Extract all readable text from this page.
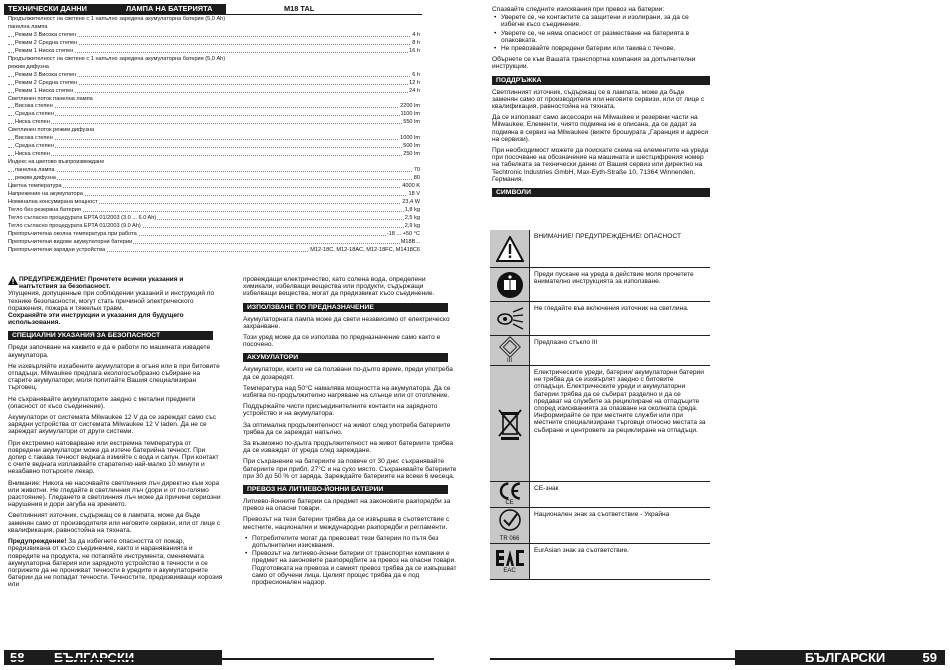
ТЕХНИЧЕСКИ ДАННИ	ЛАМПА НА БАТЕРИЯТА	M18 TAL
Продължителност на светене с 1 напълно заредена акумулаторна батерия (5,0 Ah)
панелна лампа
Режим 3 Висока степен	4 h
Режим 2 Средна степен	8 h
Режим 1 Ниска степен	16 h
Продължителност на светене с 1 напълно заредена акумулаторна батерия (5,0 Ah)
режим дифузна
Режим 3 Висока степен	6 h
Режим 2 Средна степен	12 h
Режим 1 Ниска степен	24 h
Светлинен поток панелна лампа
Висока степен	2200 lm
Средна степен	1100 lm
Ниска степен	550 lm
Светлинен поток режим дифузна
Висока степен	1000 lm
Средна степен	500 lm
Ниска степен	250 lm
Индекс на цветово възпроизвеждане
панелна лампа	70
режим дифузна	80
Цветна температура	4000 K
Напрежение на акумулатора	18 V
Номинална консумирана мощност	23,4 W
Тегло без резервна батерия	1,8 kg
Тегло съгласно процедурата EPTA 01/2003 (3.0 ... 6.0 Ah)	2,5 kg
Тегло съгласно процедурата EPTA 01/2003 (9.0 Ah)	2,9 kg
Препоръчителна околна температура при работа	-18 ... +50 °C
Препоръчителни видове акумулаторни батерии	M18B...
Препоръчителни зарядни устройства	M12-18C, M12-18AC, M12-18FC, M1418C6
ПРЕДУПРЕЖДЕНИЕ! Прочетете всички указания и напътствия за безопасност.
Упущения, допущенные при соблюдении указаний и инструкций по технике безопасности, могут стать причиной электрического поражения, пожара и тяжелых травм.
Сохраняйте эти инструкции и указания для будущего использования.
СПЕЦИАЛНИ УКАЗАНИЯ ЗА БЕЗОПАСНОСТ
Преди започване на каквито е да е работи по машината извадете акумулатора.
Не изхвърляйте изхабените акумулатори в огъня или в при битовите отпадъци. Milwaukee предлага екологосъобразно събиране на старите акумулатори; моля попитайте Вашия специализиран търговец.
Не съхранявайте акумулаторите заедно с метални предмети (опасност от късо съединение).
Акумулатори от системата Milwaukee 12 V да се зареждат само със зарядни устройства от системата Milwaukee 12 V laden. Да не се зареждат акумулатори от други системи.
При екстремно натоварване или екстремна температура от повредени акумулатори може да изтече батерийна течност. При допир с такава течност веднага измийте с вода и сапун. При контакт с очите веднага изплаквайте старателно най-малко 10 минути и незабавно потърсете лекар.
Внимание: Никога не насочвайте светлинния лъч директно към хора или животни. Не гледайте в светлинния лъч (дори и от по-голямо разстояние). Гледането в светлинния лъч може да причини сериозни нарушения и дори загуба на зрението.
Светлинният източник, съдържащ се в лампата, може да бъде заменян само от производителя или неговите сервизи, или от лице с квалификация, равностойна на тяхната.
Предупреждение! За да избегнете опасността от пожар, предизвикана от късо съединение, както и нараняванията и повредите на продукта, не потапяйте инструмента, сменяемата акумулаторна батерия или зарядното устройство в течности и се погрижете да не проникват течности в уредите и акумулаторните батерии да не попадат течности. Течностите, предизвикващи корозия или
провеждащи електричество, като солена вода, определени химикали, избелващи вещества или продукти, съдържащи избелващи вещества, могат да предизвикат късо съединение.
ИЗПОЛЗВАНЕ ПО ПРЕДНАЗНАЧЕНИЕ
Акумулаторната лампа може да свети независимо от електрическо захранване.
Този уред може да се използва по предназначение само както е посочено.
АКУМУЛАТОРИ
Акумулатори, които не са ползвани по-дълго време, преди употреба да се дозаредят.
Температура над 50°C намалява мощността на акумулатора. Да се избягва по-продължително нагряване на слънце или от отопление.
Поддържайте чисти присъединителните контакти на зарядното устройство и на акумулатора.
За оптимална продължителност на живот след употреба батериите трябва да се зареждат напълно.
За възможно по-дълга продължителност на живот батериите трябва да се изваждат от уреда след зареждане.
При съхранение на батериите за повече от 30 дни: съхранявайте батериите при прибл. 27°C и на сухо място. Съхранявайте батериите при 30 до 50 % от заряда. Зареждайте батериите на всеки 6 месеца.
ПРЕВОЗ НА ЛИТИЕВО-ЙОННИ БАТЕРИИ
Литиево-йонните батерии са предмет на законовите разпоредби за превоз на опасни товари.
Превозът на тези батерии трябва да се извършва в съответствие с местните, национални и международни разпоредби и регламенти.
• Потребителите могат да превозват тези батерии по пътя без допълнителни изисквания.
• Превозът на литиево-йонни батерии от транспортни компании е предмет на законовите разпоредбите за превоз на опасни товари. Подготовката на превоза и самият превоз трябва да се извършват само от обучени лица. Целият процес трябва да е под професионален надзор.
Спазвайте следните изисквания при превоз на батерии:
• Уверете се, че контактите са защитени и изолирани, за да се избегне късо съединение.
• Уверете се, че няма опасност от разместване на батерията в опаковката.
• Не превозвайте повредени батерии или такива с течове.
Обърнете се към Вашата транспортна компания за допълнителни инструкции.
ПОДДРЪЖКА
Светлинният източник, съдържащ се в лампата, може да бъде заменян само от производителя или неговите сервизи, или от лице с квалификация, равностойна на тяхната.
Да се използват само аксесоари на Milwaukee и резервни части на Milwaukee. Елементи, чиято подмяна не е описана, да се дадат за подмяна в сервиз на Milwaukee (вижте брошурата „Гаранция и адреси на сервизи).
При необходимост можете да поискате схема на елементите на уреда при посочване на обозначение на машината и шестцифрения номер на табелката за технически данни от Вашия сервиз или директно на Techtronic Industries GmbH, Max-Eyth-Straße 10, 71364 Winnenden, Германия.
СИМВОЛИ
ВНИМАНИЕ! ПРЕДУПРЕЖДЕНИЕ! ОПАСНОСТ
Преди пускане на уреда в действие моля прочетете внимателно инструкцията за използване.
Не гледайте във включения източник на светлина.
III
Предпазно стъкло III
Електрическите уреди, батерии/ акумулаторни батерии не трябва да се изхвърлят заедно с битовите отпадъци. Електрическите уреди и акумулаторни батерии трябва да се събират разделно и да се предават на службите за рециклиране на отпадъците според изискванията за опазване на околната среда. Информирайте се при местните служби или при местните специализирани търговци относно местата за събиране и центровете за рециклиране на отпадъци.
CE
CE-знак
TR 066
Национален знак за съответствие - Украйна
EAC
EurAsian знак за съответствие.
58 БЪЛГАРСКИ	БЪЛГАРСКИ	59
